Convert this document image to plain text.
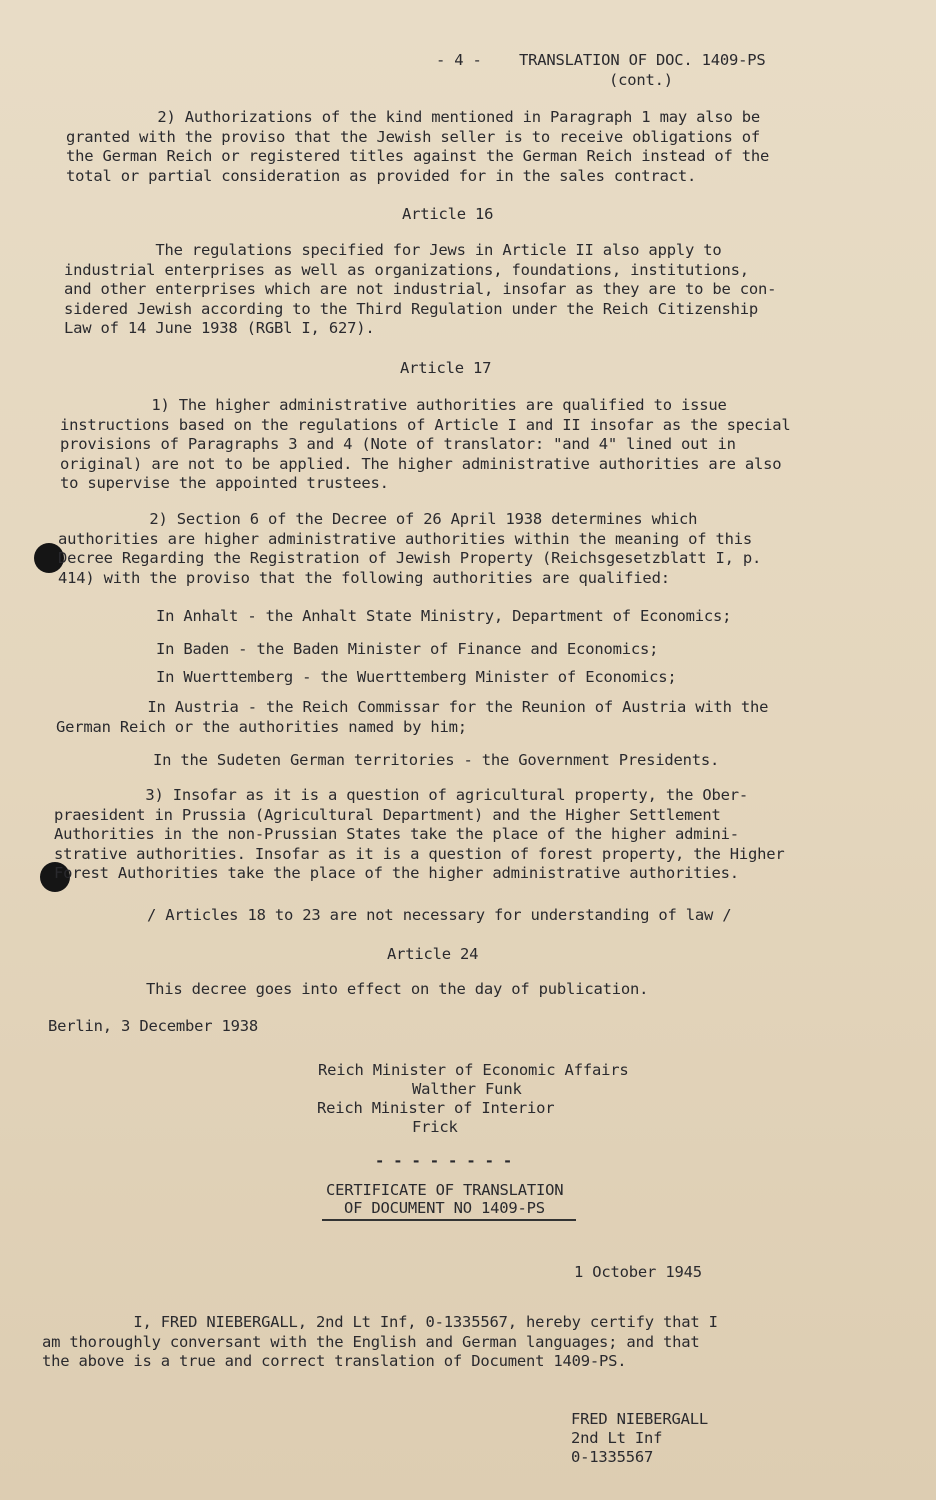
- 4 - TRANSLATION OF DOC. 1409-PS
(cont.)
2) Authorizations of the kind mentioned in Paragraph 1 may also be
granted with the proviso that the Jewish seller is to receive obligations of
the German Reich or registered titles against the German Reich instead of the
total or partial consideration as provided for in the sales contract.
Article 16
The regulations specified for Jews in Article II also apply to
industrial enterprises as well as organizations, foundations, institutions,
and other enterprises which are not industrial, insofar as they are to be con-
sidered Jewish according to the Third Regulation under the Reich Citizenship
Law of 14 June 1938 (RGBl I, 627).
Article 17
1) The higher administrative authorities are qualified to issue
instructions based on the regulations of Article I and II insofar as the special
provisions of Paragraphs 3 and 4 (Note of translator: "and 4" lined out in
original) are not to be applied. The higher administrative authorities are also
to supervise the appointed trustees.
2) Section 6 of the Decree of 26 April 1938 determines which
authorities are higher administrative authorities within the meaning of this
Decree Regarding the Registration of Jewish Property (Reichsgesetzblatt I, p.
414) with the proviso that the following authorities are qualified:
In Anhalt - the Anhalt State Ministry, Department of Economics;
In Baden - the Baden Minister of Finance and Economics;
In Wuerttemberg - the Wuerttemberg Minister of Economics;
In Austria - the Reich Commissar for the Reunion of Austria with the
German Reich or the authorities named by him;
In the Sudeten German territories - the Government Presidents.
3) Insofar as it is a question of agricultural property, the Ober-
praesident in Prussia (Agricultural Department) and the Higher Settlement
Authorities in the non-Prussian States take the place of the higher admini-
strative authorities. Insofar as it is a question of forest property, the Higher
Forest Authorities take the place of the higher administrative authorities.
/ Articles 18 to 23 are not necessary for understanding of law /
Article 24
This decree goes into effect on the day of publication.
Berlin, 3 December 1938
Reich Minister of Economic Affairs
Walther Funk
Reich Minister of Interior
Frick
- - - - - - - -
CERTIFICATE OF TRANSLATION
OF DOCUMENT NO 1409-PS
1 October 1945
I, FRED NIEBERGALL, 2nd Lt Inf, 0-1335567, hereby certify that I
am thoroughly conversant with the English and German languages; and that
the above is a true and correct translation of Document 1409-PS.
FRED NIEBERGALL
2nd Lt Inf
0-1335567
